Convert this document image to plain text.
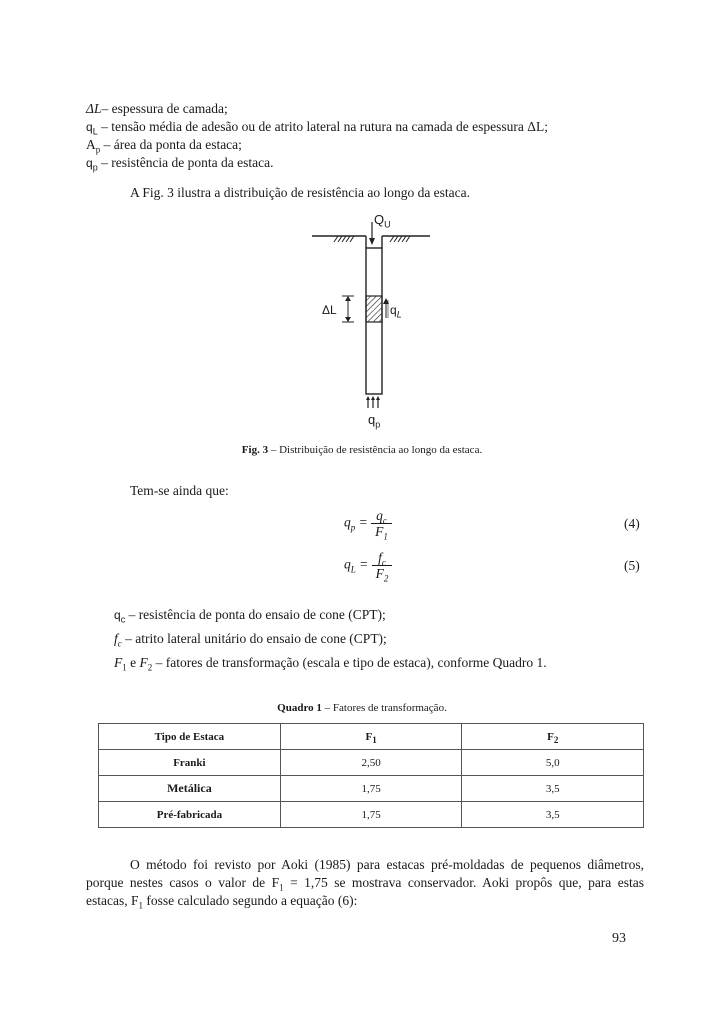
ΔL– espessura de camada;
$q_L$ – tensão média de adesão ou de atrito lateral na rutura na camada de espessura ΔL;
$A_p$ – área da ponta da estaca;
$q_p$ – resistência de ponta da estaca.
A Fig. 3 ilustra a distribuição de resistência ao longo da estaca.
$Q_U$
ΔL	$q_L$
$q_p$
Fig. 3 – Distribuição de resistência ao longo da estaca.
Tem-se ainda que:
$q_p = \frac{q_c}{F_1}$	(4)
$q_L = \frac{f_c}{F_2}$	(5)
$q_c$ – resistência de ponta do ensaio de cone (CPT);
$f_c$ – atrito lateral unitário do ensaio de cone (CPT);
$F_1$ e $F_2$ – fatores de transformação (escala e tipo de estaca), conforme Quadro 1.
Quadro 1 – Fatores de transformação.
Tipo de Estaca	$F_1$	$F_2$
Franki	2,50	5,0
Metálica	1,75	3,5
Pré-fabricada	1,75	3,5
O método foi revisto por Aoki (1985) para estacas pré-moldadas de pequenos diâmetros,
porque nestes casos o valor de $F_1 = 1,75$ se mostrava conservador. Aoki propôs que, para estas
estacas, $F_1$ fosse calculado segundo a equação (6):
93
